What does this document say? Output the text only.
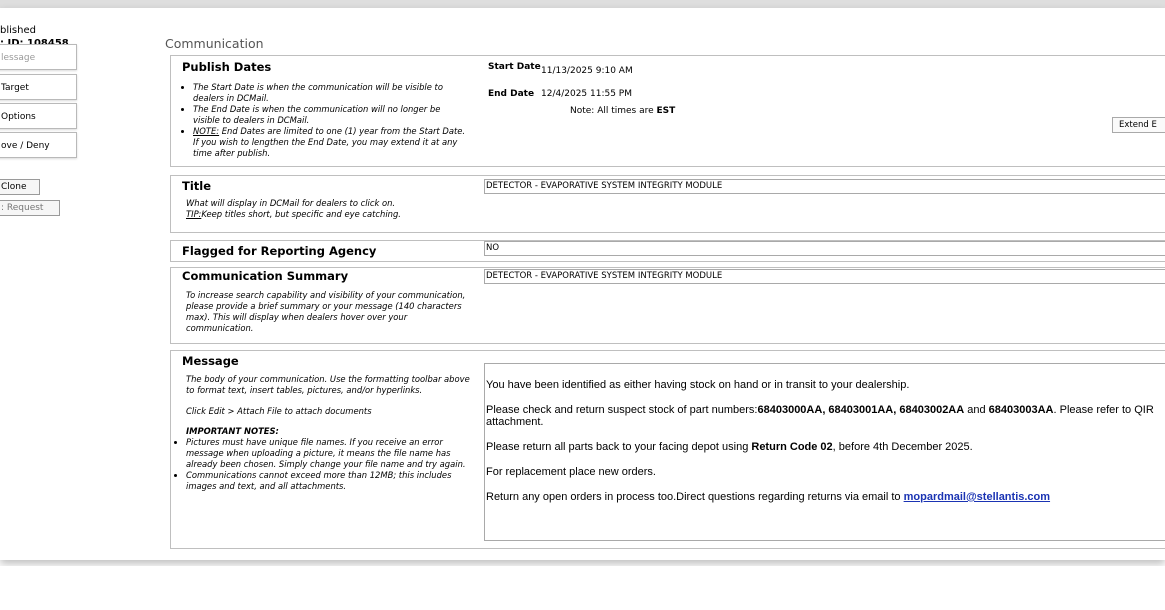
blished
lessage
Target
Options
ove / Deny
Clone
: Request
Communication
Publish Dates
• The Start Date is when the communication will be visible to dealers in DCMail.
• The End Date is when the communication will no longer be visible to dealers in DCMail.
• NOTE: End Dates are limited to one (1) year from the Start Date. If you wish to lengthen the End Date, you may extend it at any time after publish.
Start Date 11/13/2025 9:10 AM
End Date 12/4/2025 11:55 PM
Note: All times are EST
Extend E
Title

What will display in DCMail for dealers to click on.

TIP:Keep titles short, but specific and eye catching.

DETECTOR - EVAPORATIVE SYSTEM INTEGRITY MODULE
Flagged for Reporting Agency	NO
Communication Summary
To increase search capability and visibility of your communication, please provide a brief summary or your message (140 characters max). This will display when dealers hover over your communication.
DETECTOR - EVAPORATIVE SYSTEM INTEGRITY MODULE
Message

The body of your communication. Use the formatting toolbar above to format text, insert tables, pictures, and/or hyperlinks.

Click Edit > Attach File to attach documents

IMPORTANT NOTES:

• Pictures must have unique file names. If you receive an error message when uploading a picture, it means the file name has already been chosen. Simply change your file name and try again.
• Communications cannot exceed more than 12MB; this includes images and text, and all attachments.

You have been identified as either having stock on hand or in transit to your dealership.

Please check and return suspect stock of part numbers:68403000AA, 68403001AA, 68403002AA and 68403003AA. Please refer to QIR attachment.

Please return all parts back to your facing depot using Return Code 02, before 4th December 2025.

For replacement place new orders.

Return any open orders in process too.Direct questions regarding returns via email to mopardmail@stellantis.com
